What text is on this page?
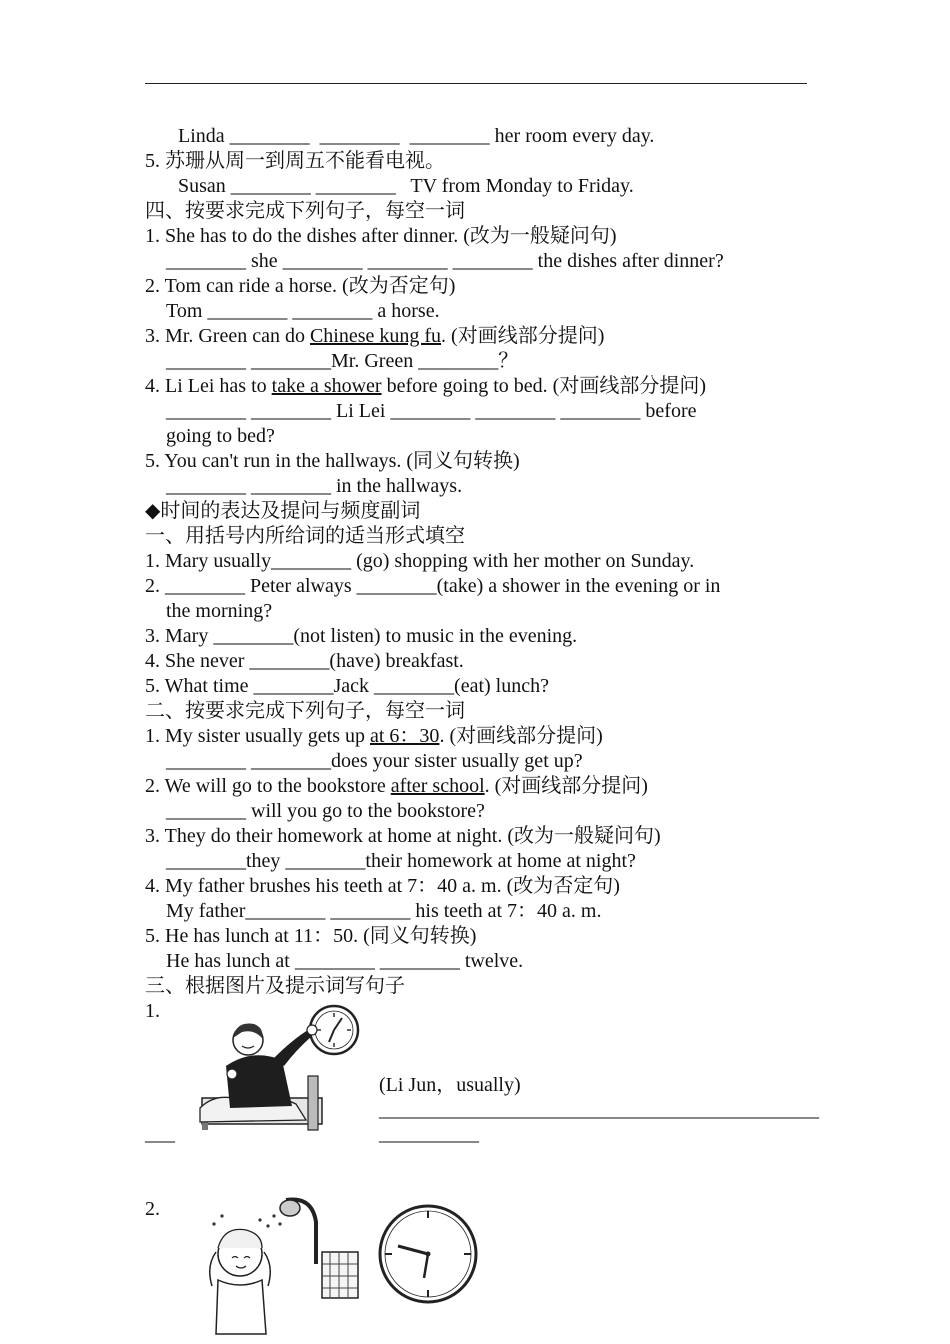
Linda ________  ________  ________ her room every day.
5. 苏珊从周一到周五不能看电视。
Susan ________ ________   TV from Monday to Friday.
四、按要求完成下列句子，每空一词
1. She has to do the dishes after dinner. (改为一般疑问句)
________ she ________ ________ ________ the dishes after dinner?
2. Tom can ride a horse. (改为否定句)
Tom ________ ________ a horse.
3. Mr. Green can do Chinese kung fu. (对画线部分提问)
________ ________Mr. Green ________？
4. Li Lei has to take a shower before going to bed. (对画线部分提问)
________ ________ Li Lei ________ ________ ________ before
going to bed?
5. You can't run in the hallways. (同义句转换)
________ ________ in the hallways.
◆时间的表达及提问与频度副词
一、用括号内所给词的适当形式填空
1. Mary usually________ (go) shopping with her mother on Sunday.
2. ________ Peter always ________(take) a shower in the evening or in
the morning?
3. Mary ________(not listen) to music in the evening.
4. She never ________(have) breakfast.
5. What time ________Jack ________(eat) lunch?
二、按要求完成下列句子，每空一词
1. My sister usually gets up at 6：30. (对画线部分提问)
________ ________does your sister usually get up?
2. We will go to the bookstore after school. (对画线部分提问)
________ will you go to the bookstore?
3. They do their homework at home at night. (改为一般疑问句)
________they ________their homework at home at night?
4. My father brushes his teeth at 7：40 a. m. (改为否定句)
My father________ ________ his teeth at 7：40 a. m.
5. He has lunch at 11：50. (同义句转换)
He has lunch at ________ ________ twelve.
三、根据图片及提示词写句子
1.
(Li Jun，usually)
____________________________________________
___	__________
2.
